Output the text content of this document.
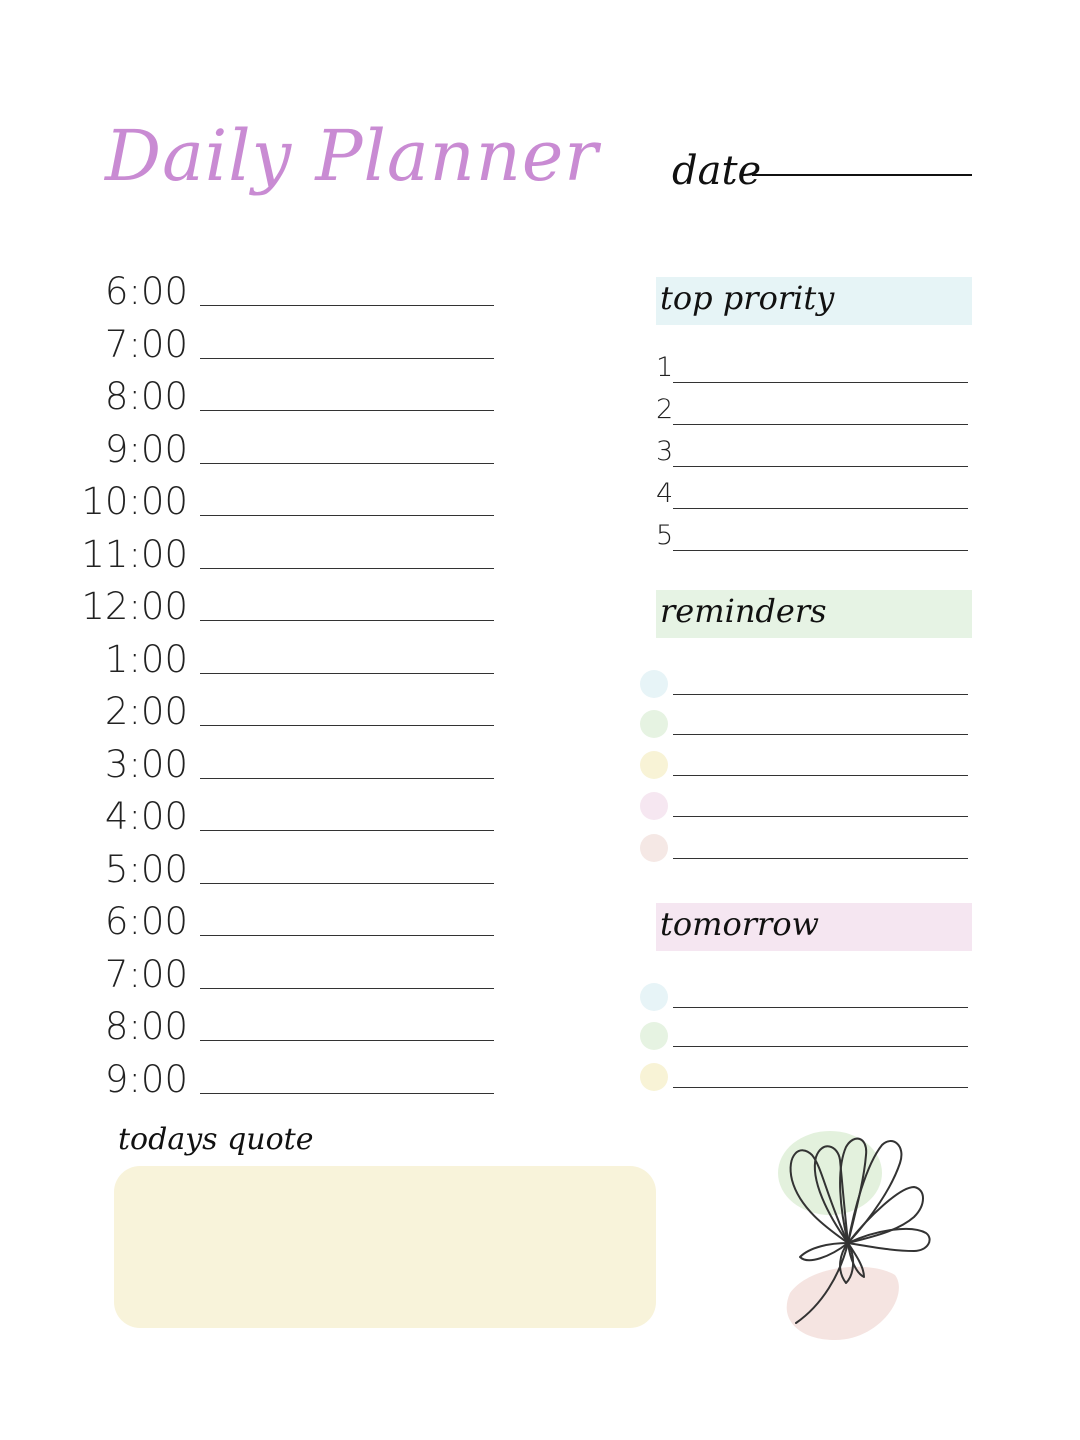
Daily Planner date
6:00
7:00
8:00
9:00
10:00
11:00
12:00
1:00
2:00
3:00
4:00
5:00
6:00
7:00
8:00
9:00
top prority
1
2
3
4
5
reminders
tomorrow
todays quote
